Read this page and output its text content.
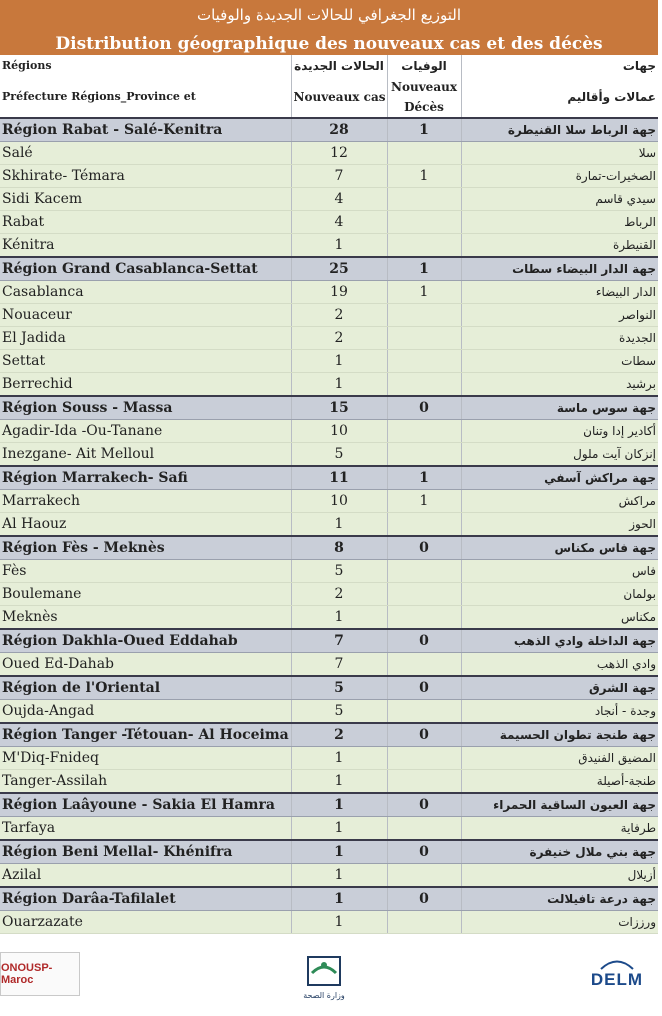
التوزيع الجغرافي للحالات الجديدة والوفيات
Distribution géographique des nouveaux cas et des décès
Régions	الحالات الجديدة	الوفيات	جهات
Préfecture Régions_Province et	Nouveaux cas	Nouveaux
Décès	عمالات وأقاليم
Région Rabat - Salé-Kenitra	28	1	جهة الرباط سلا القنيطرة
Salé	12		سلا
Skhirate- Témara	7	1	الصخيرات-تمارة
Sidi Kacem	4		سيدي قاسم
Rabat	4		الرباط
Kénitra	1		القنيطرة
Région Grand Casablanca-Settat	25	1	جهة الدار البيضاء سطات
Casablanca	19	1	الدار البيضاء
Nouaceur	2		النواصر
El Jadida	2		الجديدة
Settat	1		سطات
Berrechid	1		برشيد
Région Souss - Massa	15	0	جهة سوس ماسة
Agadir-Ida -Ou-Tanane	10		أكادير إدا وتنان
Inezgane- Ait Melloul	5		إنزكان آيت ملول
Région Marrakech- Safi	11	1	جهة مراكش آسفي
Marrakech	10	1	مراكش
Al Haouz	1		الحوز
Région Fès - Meknès	8	0	جهة فاس مكناس
Fès	5		فاس
Boulemane	2		بولمان
Meknès	1		مكناس
Région Dakhla-Oued Eddahab	7	0	جهة الداخلة وادي الذهب
Oued Ed-Dahab	7		وادي الذهب
Région de l'Oriental	5	0	جهة الشرق
Oujda-Angad	5		وجدة - أنجاد
Région Tanger -Tétouan- Al Hoceima	2	0	جهة طنجة تطوان الحسيمة
M'Diq-Fnideq	1		المضيق الفنيدق
Tanger-Assilah	1		طنجة-أصيلة
Région Laâyoune - Sakia El Hamra	1	0	جهة العيون الساقية الحمراء
Tarfaya	1		طرفاية
Région Beni Mellal- Khénifra	1	0	جهة بني ملال خنيفرة
Azilal	1		أزيلال
Région Darâa-Tafilalet	1	0	جهة درعة تافيلالت
Ouarzazate	1		ورززات
ONOUSP-Maroc
وزارة الصحة
DELM
